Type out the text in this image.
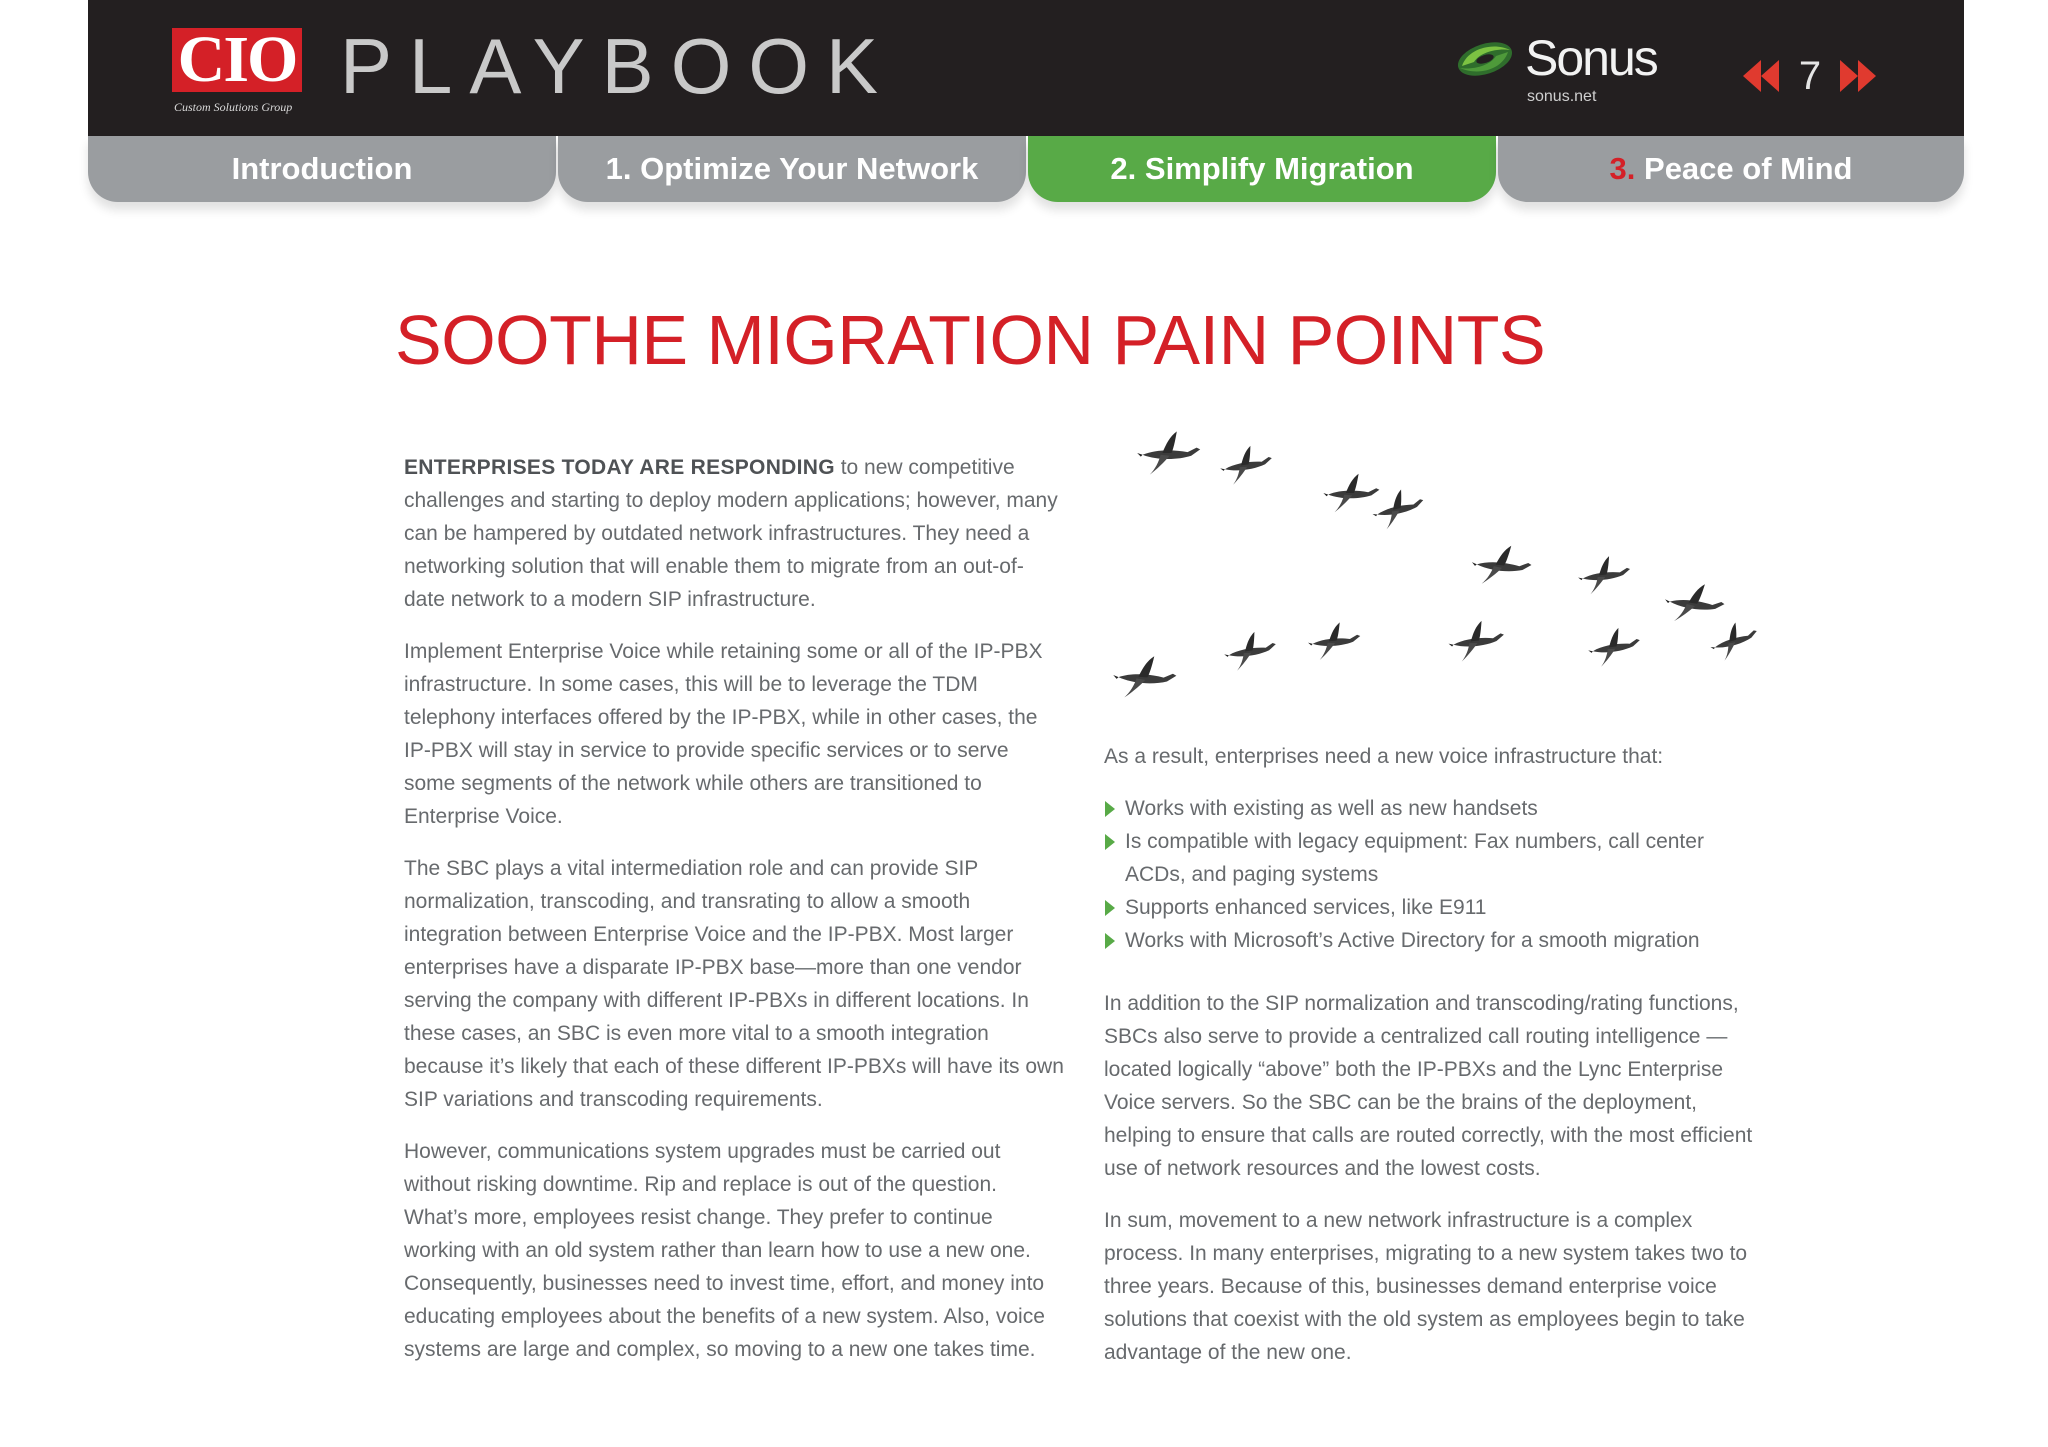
CIO
Custom Solutions Group PLAYBOOK	Sonus
sonus.net	7
Introduction	1. Optimize Your Network	2. Simplify Migration	3. Peace of Mind
SOOTHE MIGRATION PAIN POINTS

ENTERPRISES TODAY ARE RESPONDING to new competitive challenges and starting to deploy modern applications; however, many can be hampered by outdated network infrastructures. They need a networking solution that will enable them to migrate from an out-of-date network to a modern SIP infrastructure.

Implement Enterprise Voice while retaining some or all of the IP-PBX infrastructure. In some cases, this will be to leverage the TDM telephony interfaces offered by the IP-PBX, while in other cases, the IP-PBX will stay in service to provide specific services or to serve some segments of the network while others are transitioned to Enterprise Voice.

The SBC plays a vital intermediation role and can provide SIP normalization, transcoding, and transrating to allow a smooth integration between Enterprise Voice and the IP-PBX. Most larger enterprises have a disparate IP-PBX base—more than one vendor serving the company with different IP-PBXs in different locations. In these cases, an SBC is even more vital to a smooth integration because it’s likely that each of these different IP-PBXs will have its own SIP variations and transcoding requirements.

However, communications system upgrades must be carried out without risking downtime. Rip and replace is out of the question. What’s more, employees resist change. They prefer to continue working with an old system rather than learn how to use a new one. Consequently, businesses need to invest time, effort, and money into educating employees about the benefits of a new system. Also, voice systems are large and complex, so moving to a new one takes time.

As a result, enterprises need a new voice infrastructure that:

Works with existing as well as new handsets
Is compatible with legacy equipment: Fax numbers, call center ACDs, and paging systems
Supports enhanced services, like E911
Works with Microsoft’s Active Directory for a smooth migration

In addition to the SIP normalization and transcoding/rating functions, SBCs also serve to provide a centralized call routing intelligence — located logically “above” both the IP-PBXs and the Lync Enterprise Voice servers. So the SBC can be the brains of the deployment, helping to ensure that calls are routed correctly, with the most efficient use of network resources and the lowest costs.

In sum, movement to a new network infrastructure is a complex process. In many enterprises, migrating to a new system takes two to three years. Because of this, businesses demand enterprise voice solutions that coexist with the old system as employees begin to take advantage of the new one.
